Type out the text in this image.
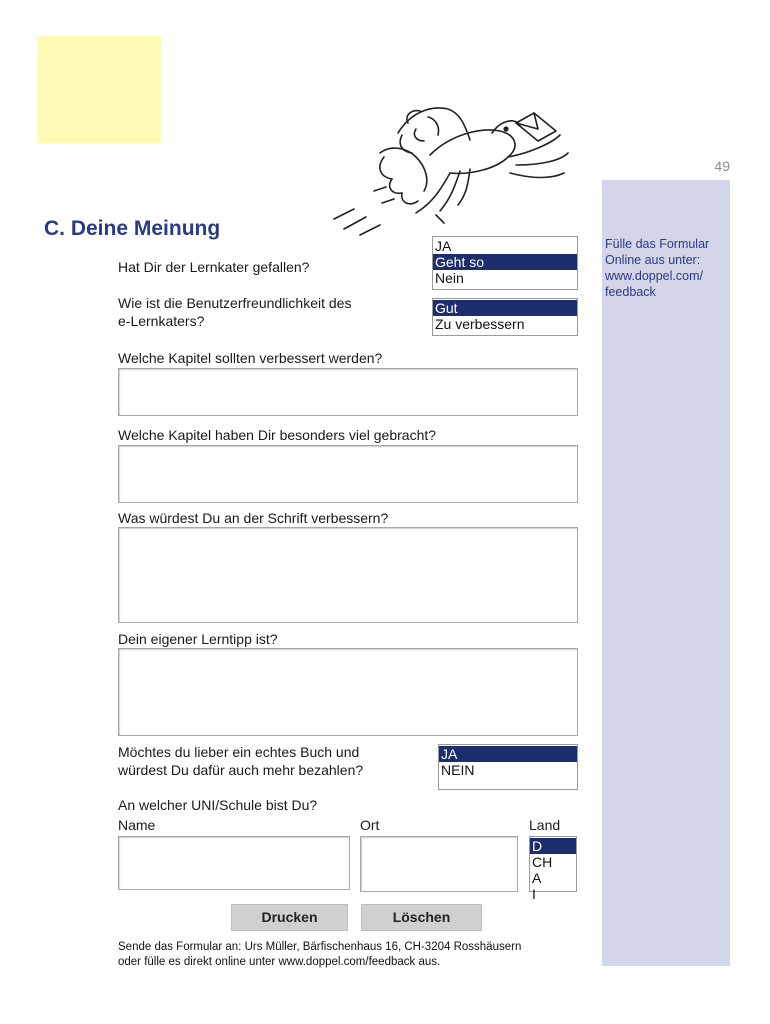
49
Fülle das Formular
Online aus unter:
www.doppel.com/
feedback
C. Deine Meinung
Hat Dir der Lernkater gefallen?
JA
Geht so
Nein
Wie ist die Benutzerfreundlichkeit des
e-Lernkaters?
Gut
Zu verbessern
Welche Kapitel sollten verbessert werden?
Welche Kapitel haben Dir besonders viel gebracht?
Was würdest Du an der Schrift verbessern?
Dein eigener Lerntipp ist?
Möchtes du lieber ein echtes Buch und
würdest Du dafür auch mehr bezahlen?
JA
NEIN
An welcher UNI/Schule bist Du?
Name	Ort	Land
D
CH
A
I
Drucken	Löschen
Sende das Formular an: Urs Müller, Bärfischenhaus 16, CH-3204 Rosshäusern
oder fülle es direkt online unter www.doppel.com/feedback aus.
